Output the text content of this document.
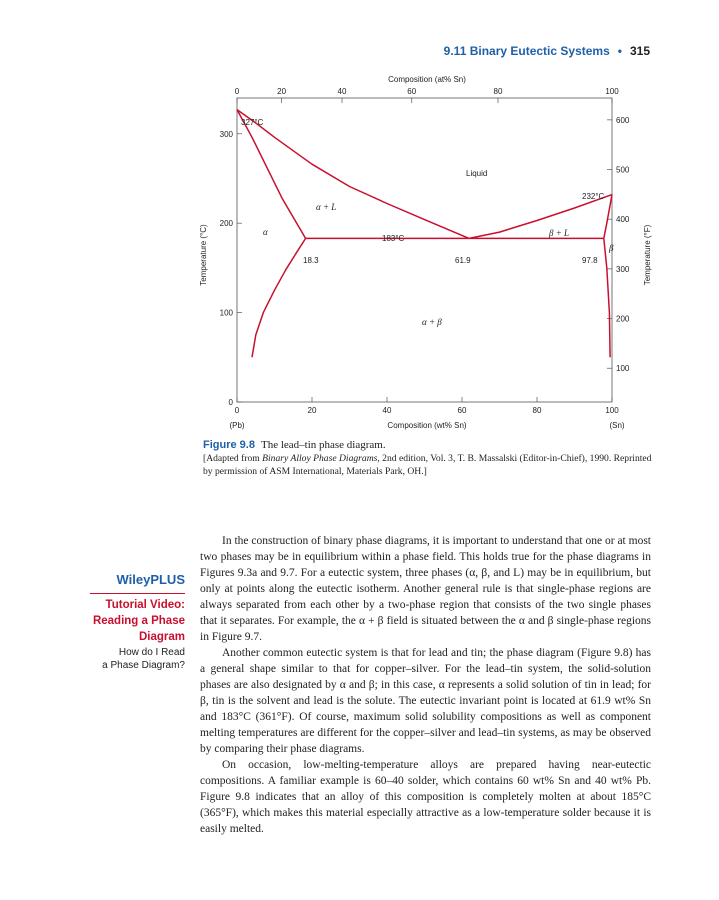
9.11 Binary Eutectic Systems • 315
0	20	40	60	80	100
0	20	40	60	80	100
0
100
200
300
100
200
300
400
500
600
Composition (at% Sn)
Composition (wt% Sn)
(Pb)	(Sn)
Temperature (°C)	Temperature (°F)
327°C
232°C
183°C
18.3	61.9	97.8
Liquid
α
β
α + L
β + L
α + β
Figure 9.8 The lead–tin phase diagram.
[Adapted from Binary Alloy Phase Diagrams, 2nd edition, Vol. 3, T. B. Massalski (Editor-in-Chief), 1990. Reprinted by permission of ASM International, Materials Park, OH.]
WileyPLUS
Tutorial Video:
Reading a Phase
Diagram
How do I Read
a Phase Diagram?

In the construction of binary phase diagrams, it is important to understand that one or at most two phases may be in equilibrium within a phase field. This holds true for the phase diagrams in Figures 9.3a and 9.7. For a eutectic system, three phases (α, β, and L) may be in equilibrium, but only at points along the eutectic isotherm. Another general rule is that single-phase regions are always separated from each other by a two-phase region that consists of the two single phases that it separates. For example, the α + β field is situated between the α and β single-phase regions in Figure 9.7.

Another common eutectic system is that for lead and tin; the phase diagram (Figure 9.8) has a general shape similar to that for copper–silver. For the lead–tin system, the solid-solution phases are also designated by α and β; in this case, α represents a solid solution of tin in lead; for β, tin is the solvent and lead is the solute. The eutectic invariant point is located at 61.9 wt% Sn and 183°C (361°F). Of course, maximum solid solubility compositions as well as component melting temperatures are different for the copper–silver and lead–tin systems, as may be observed by comparing their phase diagrams.

On occasion, low-melting-temperature alloys are prepared having near-eutectic compositions. A familiar example is 60–40 solder, which contains 60 wt% Sn and 40 wt% Pb. Figure 9.8 indicates that an alloy of this composition is completely molten at about 185°C (365°F), which makes this material especially attractive as a low-temperature solder because it is easily melted.
